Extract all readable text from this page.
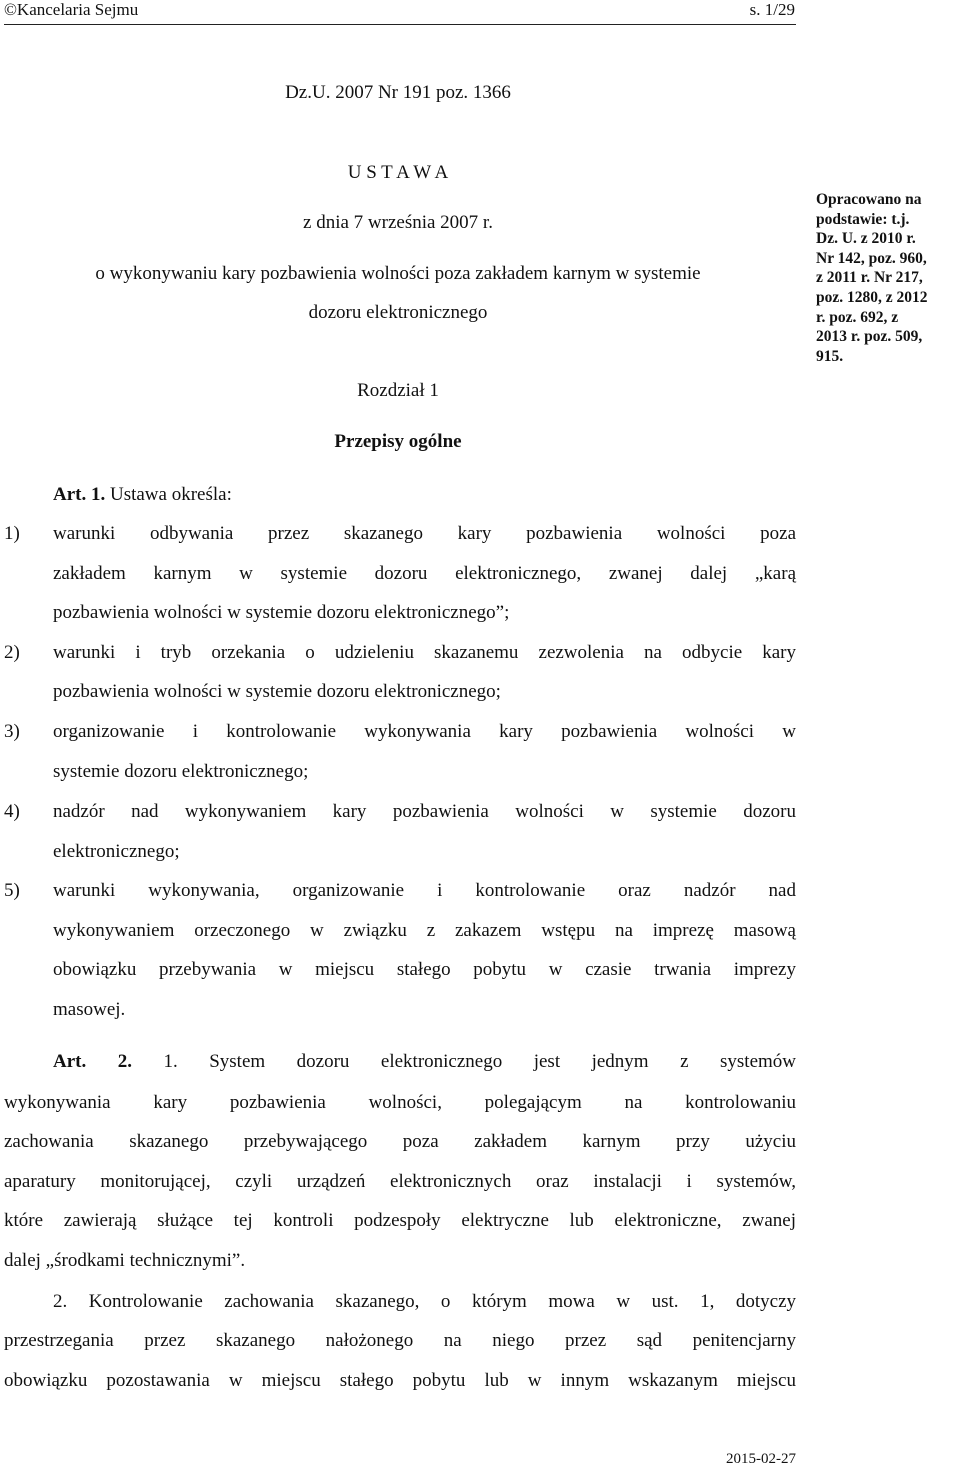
©Kancelaria Sejmu	s. 1/29
Dz.U. 2007 Nr 191 poz. 1366
U S T A W A
z dnia 7 września 2007 r.
o wykonywaniu kary pozbawienia wolności poza zakładem karnym w systemie
dozoru elektronicznego
Rozdział 1
Przepisy ogólne
Opracowano na
podstawie: t.j.
Dz. U. z 2010 r.
Nr 142, poz. 960,
z 2011 r. Nr 217,
poz. 1280, z 2012
r. poz. 692, z
2013 r. poz. 509,
915.
Art. 1. Ustawa określa:
1) warunki odbywania przez skazanego kary pozbawienia wolności poza
zakładem karnym w systemie dozoru elektronicznego, zwanej dalej „karą
pozbawienia wolności w systemie dozoru elektronicznego”;
2) warunki i tryb orzekania o udzieleniu skazanemu zezwolenia na odbycie kary
pozbawienia wolności w systemie dozoru elektronicznego;
3) organizowanie i kontrolowanie wykonywania kary pozbawienia wolności w
systemie dozoru elektronicznego;
4) nadzór nad wykonywaniem kary pozbawienia wolności w systemie dozoru
elektronicznego;
5) warunki wykonywania, organizowanie i kontrolowanie oraz nadzór nad
wykonywaniem orzeczonego w związku z zakazem wstępu na imprezę masową
obowiązku przebywania w miejscu stałego pobytu w czasie trwania imprezy
masowej.
Art. 2. 1. System dozoru elektronicznego jest jednym z systemów
wykonywania kary pozbawienia wolności, polegającym na kontrolowaniu
zachowania skazanego przebywającego poza zakładem karnym przy użyciu
aparatury monitorującej, czyli urządzeń elektronicznych oraz instalacji i systemów,
które zawierają służące tej kontroli podzespoły elektryczne lub elektroniczne, zwanej
dalej „środkami technicznymi”.
2. Kontrolowanie zachowania skazanego, o którym mowa w ust. 1, dotyczy
przestrzegania przez skazanego nałożonego na niego przez sąd penitencjarny
obowiązku pozostawania w miejscu stałego pobytu lub w innym wskazanym miejscu
2015-02-27
